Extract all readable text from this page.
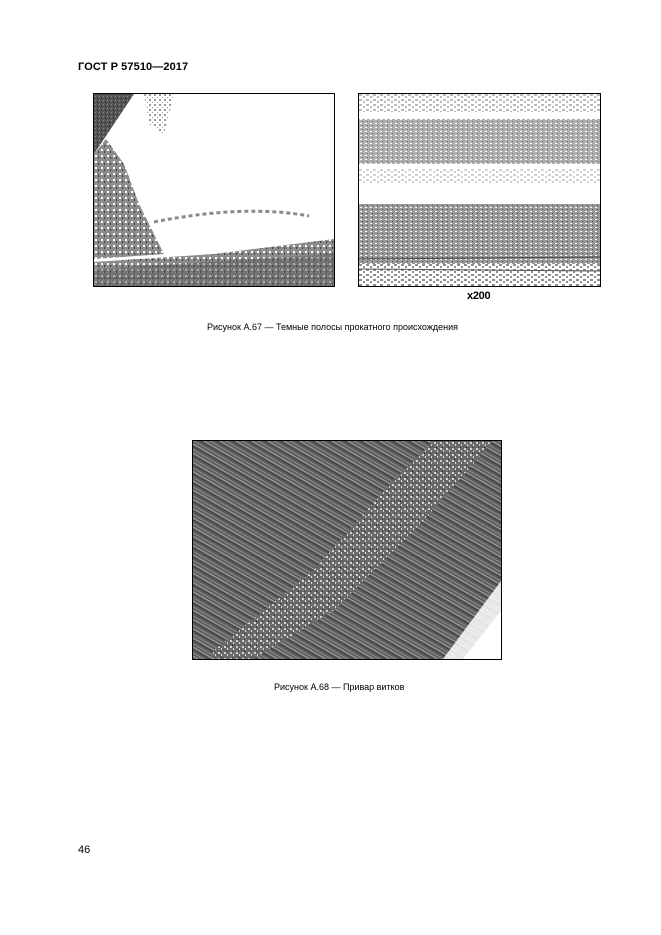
ГОСТ Р 57510—2017
x200
Рисунок А.67 — Темные полосы прокатного происхождения
Рисунок А.68 — Привар витков
46
